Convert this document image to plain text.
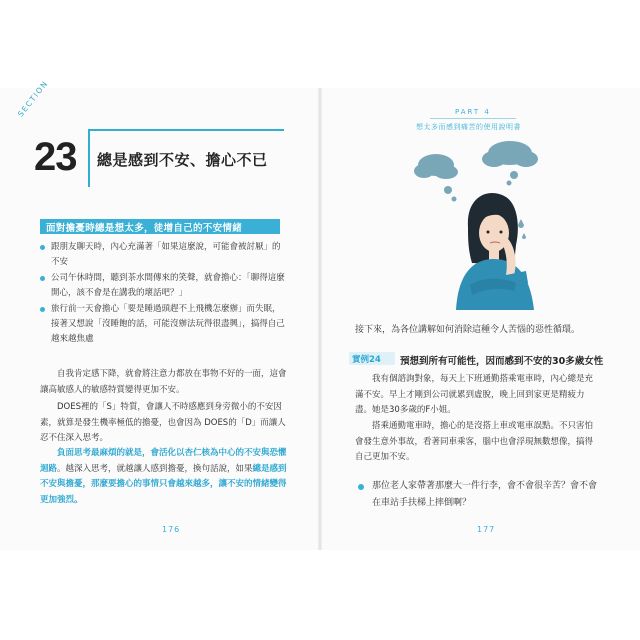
SECTION
23 總是感到不安、擔心不已
面對擔憂時總是想太多，徒增自己的不安情緒
跟朋友聊天時，內心充滿著「如果這麼說，可能會被討厭」的不安
公司午休時間，聽到茶水間傳來的笑聲，就會擔心：「聊得這麼開心，該不會是在講我的壞話吧？」
旅行前一天會擔心「要是睡過頭趕不上飛機怎麼辦」而失眠，接著又想說「沒睡飽的話，可能沒辦法玩得很盡興」，搞得自己越來越焦慮
自我肯定感下降，就會將注意力都放在事物不好的一面，這會讓高敏感人的敏感特質變得更加不安。
DOES裡的「S」特質，會讓人不時感應到身旁微小的不安因素，就算是發生機率極低的擔憂，也會因為 DOES的「D」而讓人忍不住深入思考。
負面思考最麻煩的就是，會活化以杏仁核為中心的不安與恐懼迴路。越深入思考，就越讓人感到擔憂，換句話說，如果總是感到不安與擔憂，那麼要擔心的事情只會越來越多，讓不安的情緒變得更加強烈。
176
PART 4
想太多而感到痛苦的使用說明書
接下來，為各位講解如何消除這種令人苦惱的惡性循環。
實例24 預想到所有可能性，因而感到不安的30多歲女性
我有個諮詢對象，每天上下班通勤搭乘電車時，內心總是充滿不安。早上才剛到公司就累到虛脫，晚上回到家更是精疲力盡。她是30多歲的F小姐。
搭乘通勤電車時，擔心的是沒搭上車或電車誤點。不只害怕會發生意外事故，看著同車乘客，腦中也會浮現無數想像，搞得自己更加不安。
那位老人家帶著那麼大一件行李，會不會很辛苦？會不會在車站手扶梯上摔倒啊？
177
